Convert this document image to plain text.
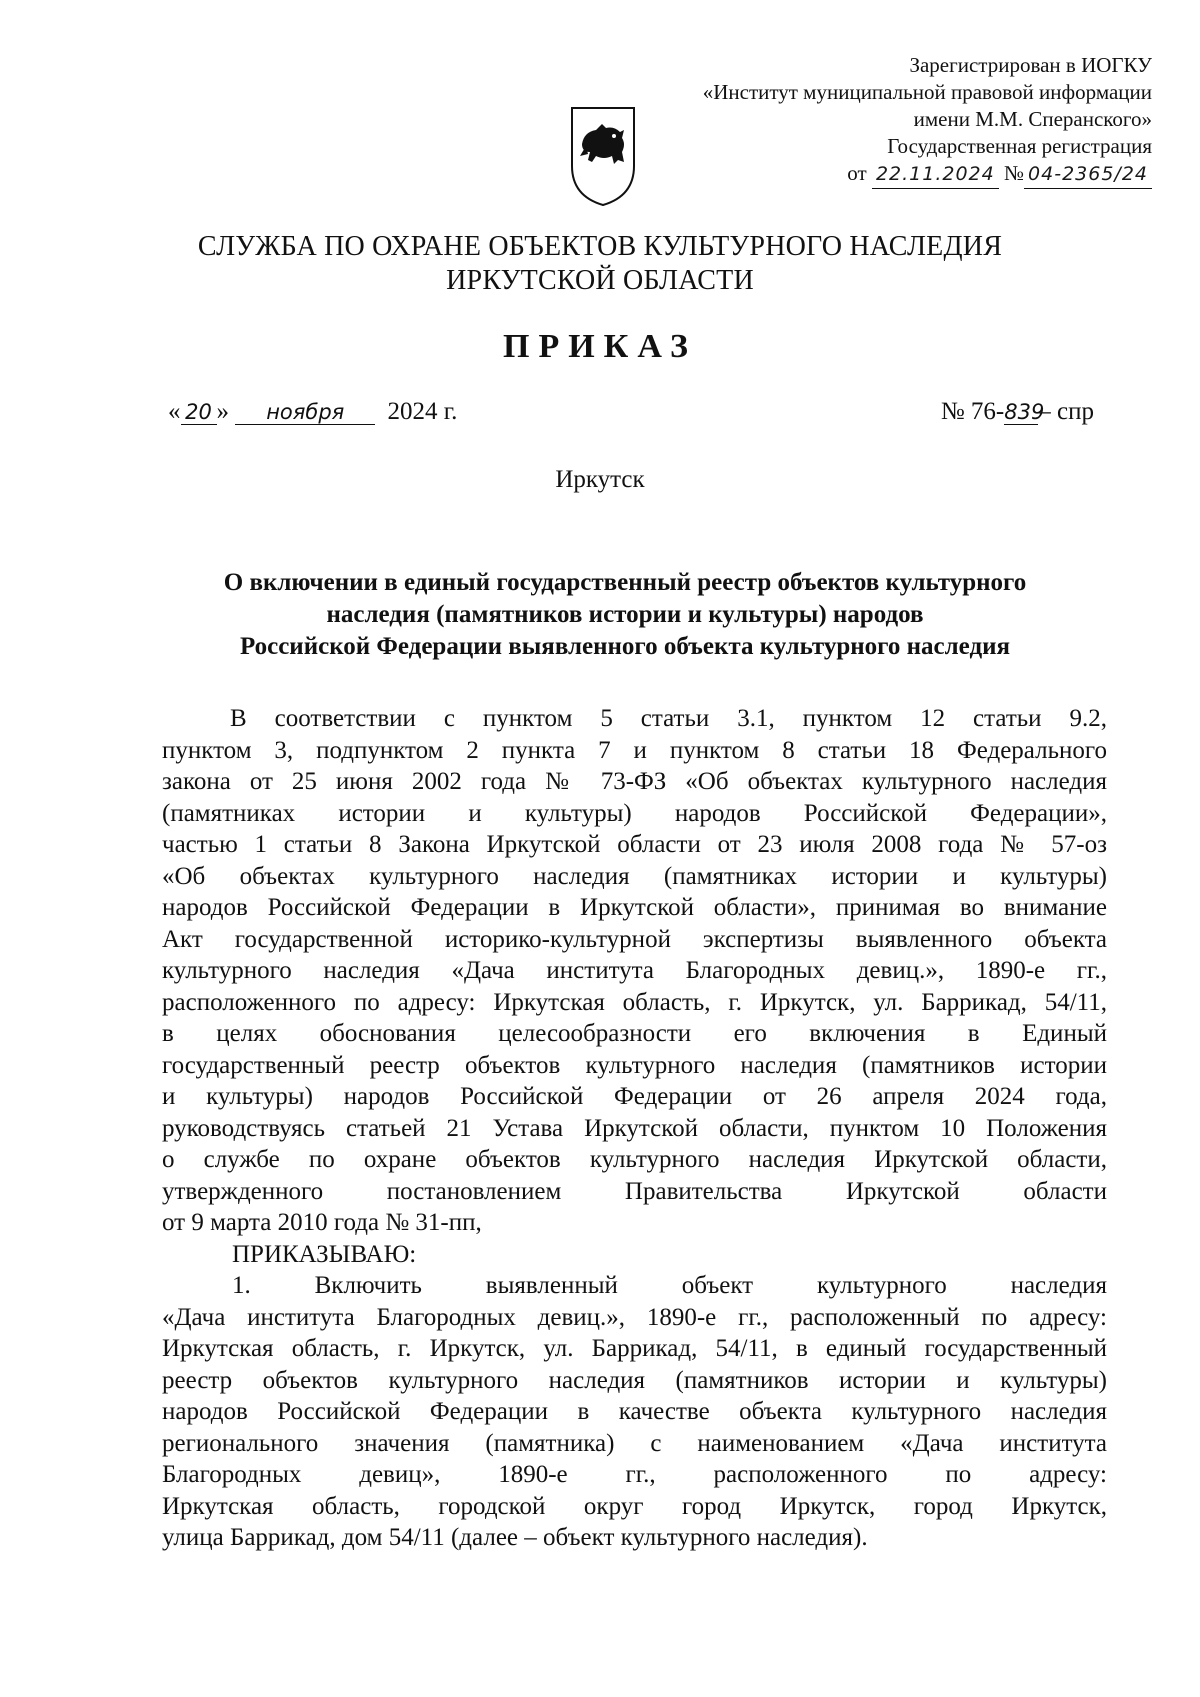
Зарегистрирован в ИОГКУ
«Институт муниципальной правовой информации
имени М.М. Сперанского»
Государственная регистрация
от 22.11.2024 № 04-2365/24
СЛУЖБА ПО ОХРАНЕ ОБЪЕКТОВ КУЛЬТУРНОГО НАСЛЕДИЯ
ИРКУТСКОЙ ОБЛАСТИ
ПРИКАЗ
« 20 » ноября 2024 г.	№ 76-839– спр
Иркутск
О включении в единый государственный реестр объектов культурного
наследия (памятников истории и культуры) народов
Российской Федерации выявленного объекта культурного наследия
В соответствии с пунктом 5 статьи 3.1, пунктом 12 статьи 9.2,
пунктом 3, подпунктом 2 пункта 7 и пунктом 8 статьи 18 Федерального
закона от 25 июня 2002 года № 73-ФЗ «Об объектах культурного наследия
(памятниках истории и культуры) народов Российской Федерации»,
частью 1 статьи 8 Закона Иркутской области от 23 июля 2008 года № 57-оз
«Об объектах культурного наследия (памятниках истории и культуры)
народов Российской Федерации в Иркутской области», принимая во внимание
Акт государственной историко-культурной экспертизы выявленного объекта
культурного наследия «Дача института Благородных девиц.», 1890-е гг.,
расположенного по адресу: Иркутская область, г. Иркутск, ул. Баррикад, 54/11,
в целях обоснования целесообразности его включения в Единый
государственный реестр объектов культурного наследия (памятников истории
и культуры) народов Российской Федерации от 26 апреля 2024 года,
руководствуясь статьей 21 Устава Иркутской области, пунктом 10 Положения
о службе по охране объектов культурного наследия Иркутской области,
утвержденного постановлением Правительства Иркутской области
от 9 марта 2010 года № 31-пп,
ПРИКАЗЫВАЮ:
1. Включить выявленный объект культурного наследия
«Дача института Благородных девиц.», 1890-е гг., расположенный по адресу:
Иркутская область, г. Иркутск, ул. Баррикад, 54/11, в единый государственный
реестр объектов культурного наследия (памятников истории и культуры)
народов Российской Федерации в качестве объекта культурного наследия
регионального значения (памятника) с наименованием «Дача института
Благородных девиц», 1890-е гг., расположенного по адресу:
Иркутская область, городской округ город Иркутск, город Иркутск,
улица Баррикад, дом 54/11 (далее – объект культурного наследия).
